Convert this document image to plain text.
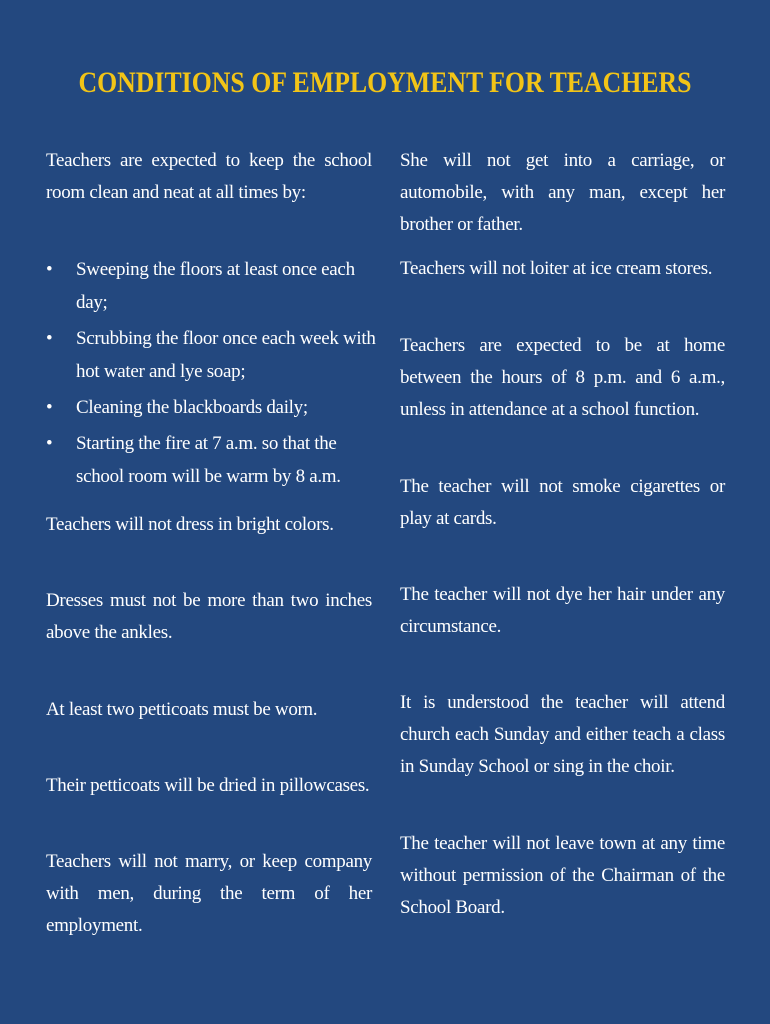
CONDITIONS OF EMPLOYMENT FOR TEACHERS

Teachers are expected to keep the school room clean and neat at all times by:

• Sweeping the floors at least once each day;
• Scrubbing the floor once each week with hot water and lye soap;
• Cleaning the blackboards daily;
• Starting the fire at 7 a.m. so that the school room will be warm by 8 a.m.

Teachers will not dress in bright colors.

Dresses must not be more than two inches above the ankles.

At least two petticoats must be worn.

Their petticoats will be dried in pillowcases.

Teachers will not marry, or keep company with men, during the term of her employment.

She will not get into a carriage, or automobile, with any man, except her brother or father.

Teachers will not loiter at ice cream stores.

Teachers are expected to be at home between the hours of 8 p.m. and 6 a.m., unless in attendance at a school function.

The teacher will not smoke cigarettes or play at cards.

The teacher will not dye her hair under any circumstance.

It is understood the teacher will attend church each Sunday and either teach a class in Sunday School or sing in the choir.

The teacher will not leave town at any time without permission of the Chairman of the School Board.
